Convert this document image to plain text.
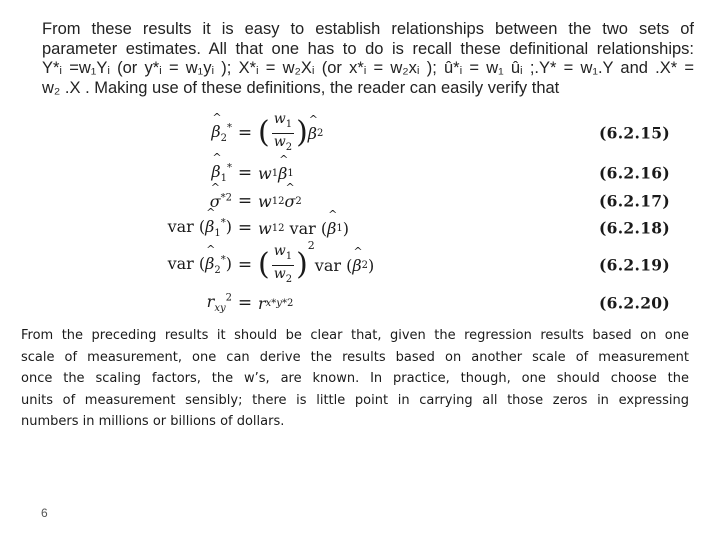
From these results it is easy to establish relationships between the two sets of
parameter estimates. All that one has to do is recall these definitional relationships:
Y*ᵢ =w₁Yᵢ (or y*ᵢ = w₁yᵢ ); X*ᵢ = w₂Xᵢ (or x*ᵢ = w₂xᵢ ); û*ᵢ = w₁ ûᵢ ;.Y* = w₁.Y and .X* =
w₂ .X . Making use of these definitions, the reader can easily verify that
^ $\beta_2^*$ = ( $\frac{w_1}{w_2}$ ) ^ β 2	(6.2.15)
^ $\beta_1^* = w$ 1 ^ β 1	(6.2.16)
^ $\sigma^{*2} = w$ 1 2 ^ σ 2	(6.2.17)
var (^ $\beta_1^*) = w$ 1 2 var ( ^ β 1 )	(6.2.18)
var (^ $\beta_2^*$) = ( $\frac{w_1}{w_2}$ )
2
var ( ^ β 2 )	(6.2.19)
$r_{xy}^2 = r$ x*y* 2	(6.2.20)
From the preceding results it should be clear that, given the regression results based on one
scale of measurement, one can derive the results based on another scale of measurement
once the scaling factors, the w’s, are known. In practice, though, one should choose the
units of measurement sensibly; there is little point in carrying all those zeros in expressing
numbers in millions or billions of dollars.
6
